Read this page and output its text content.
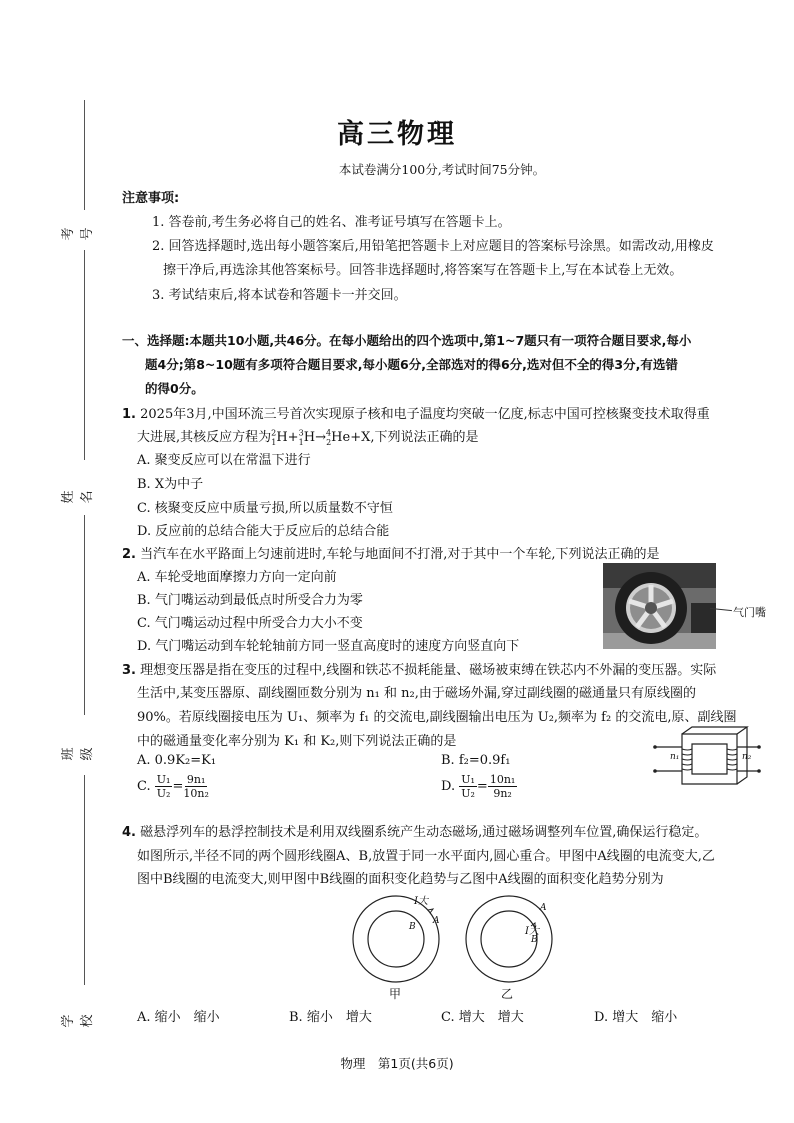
考号
姓名
班级
学校
高三物理
本试卷满分100分,考试时间75分钟。
注意事项:
1. 答卷前,考生务必将自己的姓名、准考证号填写在答题卡上。
2. 回答选择题时,选出每小题答案后,用铅笔把答题卡上对应题目的答案标号涂黑。如需改动,用橡皮
擦干净后,再选涂其他答案标号。回答非选择题时,将答案写在答题卡上,写在本试卷上无效。
3. 考试结束后,将本试卷和答题卡一并交回。
一、选择题:本题共10小题,共46分。在每小题给出的四个选项中,第1~7题只有一项符合题目要求,每小
题4分;第8~10题有多项符合题目要求,每小题6分,全部选对的得6分,选对但不全的得3分,有选错
的得0分。
1. 2025年3月,中国环流三号首次实现原子核和电子温度均突破一亿度,标志中国可控核聚变技术取得重
大进展,其核反应方程为$^2_1$H+$^3_1$H→$^4_2$He+X,下列说法正确的是
A. 聚变反应可以在常温下进行
B. X为中子
C. 核聚变反应中质量亏损,所以质量数不守恒
D. 反应前的总结合能大于反应后的总结合能
2. 当汽车在水平路面上匀速前进时,车轮与地面间不打滑,对于其中一个车轮,下列说法正确的是
A. 车轮受地面摩擦力方向一定向前
B. 气门嘴运动到最低点时所受合力为零
C. 气门嘴运动过程中所受合力大小不变
D. 气门嘴运动到车轮轮轴前方同一竖直高度时的速度方向竖直向下
气门嘴
3. 理想变压器是指在变压的过程中,线圈和铁芯不损耗能量、磁场被束缚在铁芯内不外漏的变压器。实际
生活中,某变压器原、副线圈匝数分别为 n₁ 和 n₂,由于磁场外漏,穿过副线圈的磁通量只有原线圈的
90%。若原线圈接电压为 U₁、频率为 f₁ 的交流电,副线圈输出电压为 U₂,频率为 f₂ 的交流电,原、副线圈
中的磁通量变化率分别为 K₁ 和 K₂,则下列说法正确的是
A. 0.9K₂=K₁	B. f₂=0.9f₁
C. $\frac{\text{U₁}}{\text{U₂}} = \frac{\text{9n₁}}{\text{10n₂}}$	D. $\frac{\text{U₁}}{\text{U₂}} = \frac{\text{10n₁}}{\text{9n₂}}$
n₁	n₂
4. 磁悬浮列车的悬浮控制技术是利用双线圈系统产生动态磁场,通过磁场调整列车位置,确保运行稳定。
如图所示,半径不同的两个圆形线圈A、B,放置于同一水平面内,圆心重合。甲图中A线圈的电流变大,乙
图中B线圈的电流变大,则甲图中B线圈的面积变化趋势与乙图中A线圈的面积变化趋势分别为
I大
B
A
甲
A
I大
B
乙
A. 缩小　缩小	B. 缩小　增大	C. 增大　增大	D. 增大　缩小
物理　第1页(共6页)
